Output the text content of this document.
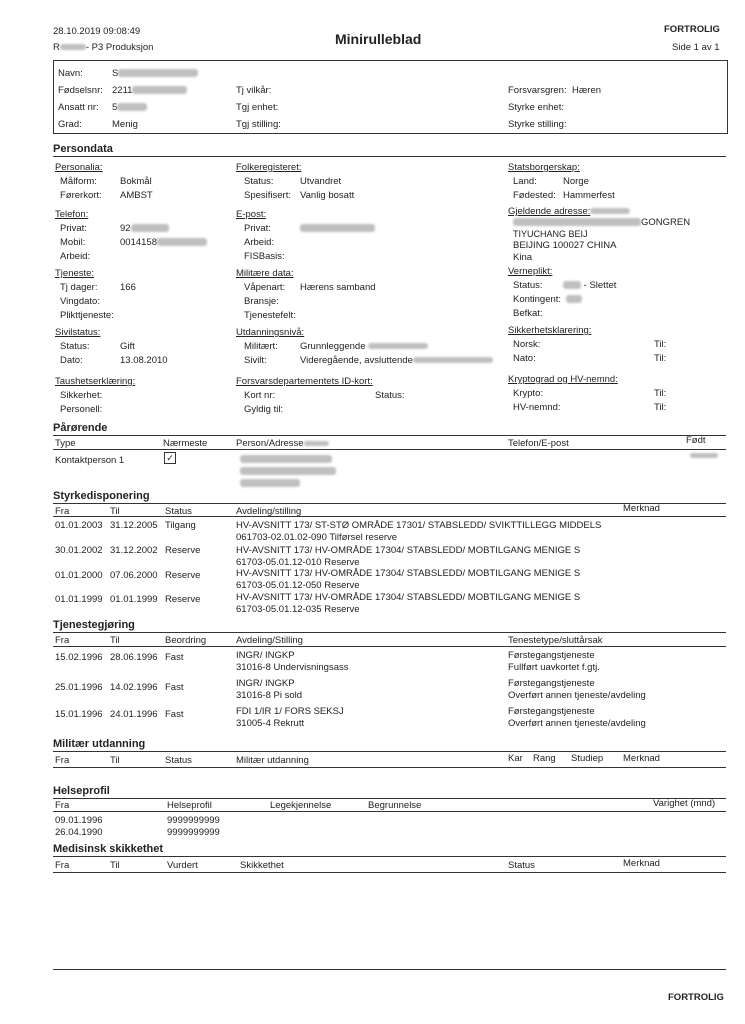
28.10.2019 09:08:49
R	- P3 Produksjon
Minirulleblad
FORTROLIG
Side 1 av 1
Navn:	S
Fødselsnr: 2211
Ansatt nr: 5
Grad:	Menig
Tj vilkår:
Tgj enhet:
Tgj stilling:
Forsvarsgren: Hæren
Styrke enhet:
Styrke stilling:
Persondata
Personalia:
Målform: Bokmål
Førerkort: AMBST
Telefon:
Privat:	92
Mobil:	0014158
Arbeid:
Tjeneste:
Tj dager: 166
Vingdato:
Plikttjeneste:
Sivilstatus:
Status:	Gift
Dato:	13.08.2010
Taushetserklæring:
Sikkerhet:
Personell:
Folkeregisteret:
Status:	Utvandret
Spesifisert: Vanlig bosatt
E-post:
Privat:
Arbeid:
FISBasis:
Militære data:
Våpenart: Hærens samband
Bransje:
Tjenestefelt:
Utdanningsnivå:
Militært: Grunnleggende
Sivilt:	Videregående, avsluttende
Forsvarsdepartementets ID-kort:
Kort nr:	Status:
Gyldig til:
Statsborgerskap:
Land:	Norge
Fødested: Hammerfest
Gjeldende adresse:
GONGREN
TIYUCHANG BEIJ
BEIJING 100027 CHINA
Kina
Verneplikt:
Status:	- Slettet
Kontingent:
Befkat:
Sikkerhetsklarering:
Norsk:	Til:
Nato:	Til:
Kryptograd og HV-nemnd:
Krypto:	Til:
HV-nemnd:	Til:
Pårørende
Type	Nærmeste	Person/Adresse	Telefon/E-post	Født
Kontaktperson 1	✓
Styrkedisponering
Fra	Til	Status	Avdeling/stilling	Merknad
01.01.2003 31.12.2005 Tilgang	HV-AVSNITT 173/ ST-STØ OMRÅDE 17301/ STABSLEDD/ SVIKTTILLEGG MIDDELS
061703-02.01.02-090 Tilførsel reserve
30.01.2002 31.12.2002 Reserve	HV-AVSNITT 173/ HV-OMRÅDE 17304/ STABSLEDD/ MOBTILGANG MENIGE S
61703-05.01.12-010 Reserve
01.01.2000 07.06.2000 Reserve	HV-AVSNITT 173/ HV-OMRÅDE 17304/ STABSLEDD/ MOBTILGANG MENIGE S
61703-05.01.12-050 Reserve
01.01.1999 01.01.1999 Reserve	HV-AVSNITT 173/ HV-OMRÅDE 17304/ STABSLEDD/ MOBTILGANG MENIGE S
61703-05.01.12-035 Reserve
Tjenestegjøring
Fra	Til	Beordring	Avdeling/Stilling	Tenestetype/sluttårsak
15.02.1996 28.06.1996 Fast	INGR/ INGKP
31016-8 Undervisningsass
Førstegangstjeneste
Fullført uavkortet f.gtj.
25.01.1996 14.02.1996 Fast	INGR/ INGKP
31016-8 Pi sold
Førstegangstjeneste
Overført annen tjeneste/avdeling
15.01.1996 24.01.1996 Fast	FDI 1/IR 1/ FORS SEKSJ
31005-4 Rekrutt
Førstegangstjeneste
Overført annen tjeneste/avdeling
Militær utdanning
Fra	Til	Status	Militær utdanning	Kar Rang Studiep Merknad
Helseprofil
Fra	Helseprofil	Legekjennelse	Begrunnelse	Varighet (mnd)
09.01.1996	9999999999
26.04.1990	9999999999
Medisinsk skikkethet
Fra	Til	Vurdert	Skikkethet	Status	Merknad
FORTROLIG
